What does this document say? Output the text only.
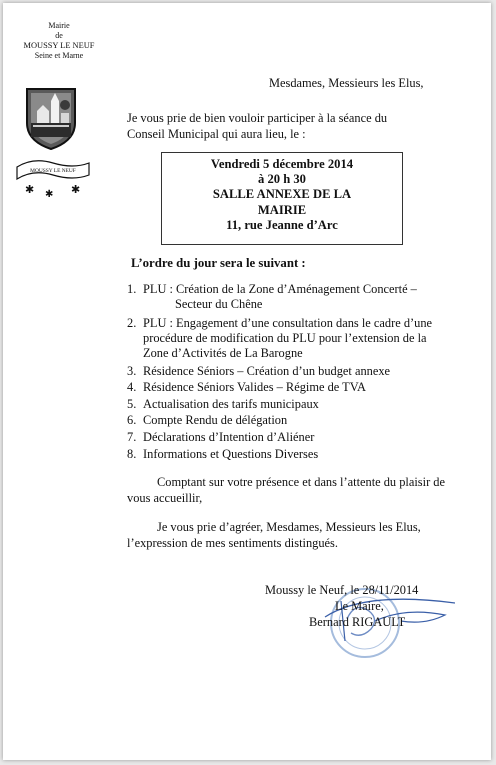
Mairie
de
MOUSSY LE NEUF
Seine et Marne
MOUSSY LE NEUF
✱ ✱ ✱
Mesdames, Messieurs les Elus,
Je vous prie de bien vouloir participer à la séance du
Conseil Municipal qui aura lieu, le :
Vendredi 5 décembre 2014
à 20 h 30
SALLE ANNEXE DE LA
MAIRIE
11, rue Jeanne d’Arc
L’ordre du jour sera le suivant :
1. PLU : Création de la Zone d’Aménagement Concerté –
Secteur du Chêne
2. PLU : Engagement d’une consultation dans le cadre d’une
procédure de modification du PLU pour l’extension de la
Zone d’Activités de La Barogne
3. Résidence Séniors – Création d’un budget annexe
4. Résidence Séniors Valides – Régime de TVA
5. Actualisation des tarifs municipaux
6. Compte Rendu de délégation
7. Déclarations d’Intention d’Aliéner
8. Informations et Questions Diverses
Comptant sur votre présence et dans l’attente du plaisir de
vous accueillir,
Je vous prie d’agréer, Mesdames, Messieurs les Elus,
l’expression de mes sentiments distingués.
Moussy le Neuf, le 28/11/2014
Le Maire,
Bernard RIGAULT
